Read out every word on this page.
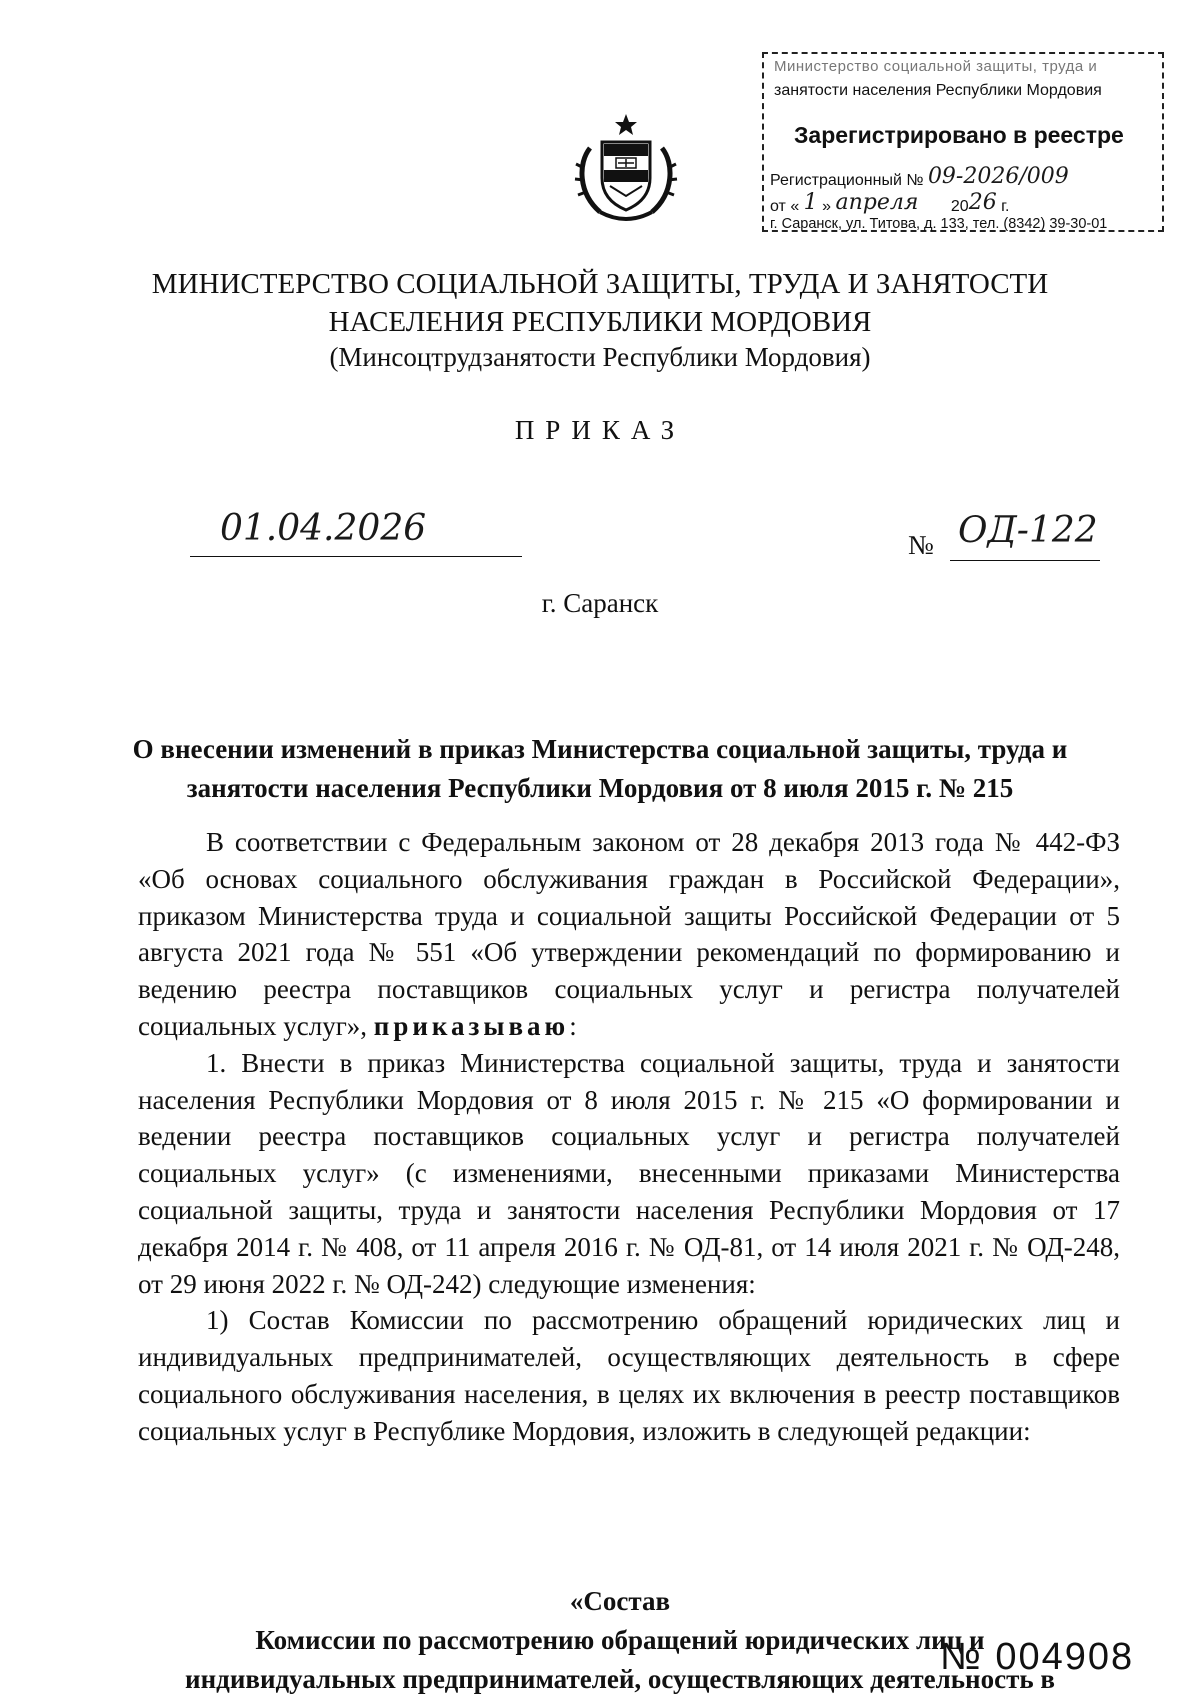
Министерство социальной защиты, труда и
занятости населения Республики Мордовия
Зарегистрировано в реестре
Регистрационный № 09-2026/009
от « 1 » апреля 2026 г.
г. Саранск, ул. Титова, д. 133, тел. (8342) 39-30-01
МИНИСТЕРСТВО СОЦИАЛЬНОЙ ЗАЩИТЫ, ТРУДА И ЗАНЯТОСТИ
НАСЕЛЕНИЯ РЕСПУБЛИКИ МОРДОВИЯ
(Минсоцтрудзанятости Республики Мордовия)
ПРИКАЗ
01.04.2026	№ ОД-122
г. Саранск
О внесении изменений в приказ Министерства социальной защиты, труда и занятости населения Республики Мордовия от 8 июля 2015 г. № 215

В соответствии с Федеральным законом от 28 декабря 2013 года № 442-ФЗ «Об основах социального обслуживания граждан в Российской Федерации», приказом Министерства труда и социальной защиты Российской Федерации от 5 августа 2021 года № 551 «Об утверждении рекомендаций по формированию и ведению реестра поставщиков социальных услуг и регистра получателей социальных услуг», приказываю:

1. Внести в приказ Министерства социальной защиты, труда и занятости населения Республики Мордовия от 8 июля 2015 г. № 215 «О формировании и ведении реестра поставщиков социальных услуг и регистра получателей социальных услуг» (с изменениями, внесенными приказами Министерства социальной защиты, труда и занятости населения Республики Мордовия от 17 декабря 2014 г. № 408, от 11 апреля 2016 г. № ОД-81, от 14 июля 2021 г. № ОД-248, от 29 июня 2022 г. № ОД-242) следующие изменения:

1) Состав Комиссии по рассмотрению обращений юридических лиц и индивидуальных предпринимателей, осуществляющих деятельность в сфере социального обслуживания населения, в целях их включения в реестр поставщиков социальных услуг в Республике Мордовия, изложить в следующей редакции:

«Состав
Комиссии по рассмотрению обращений юридических лиц и
индивидуальных предпринимателей, осуществляющих деятельность в
№ 004908
